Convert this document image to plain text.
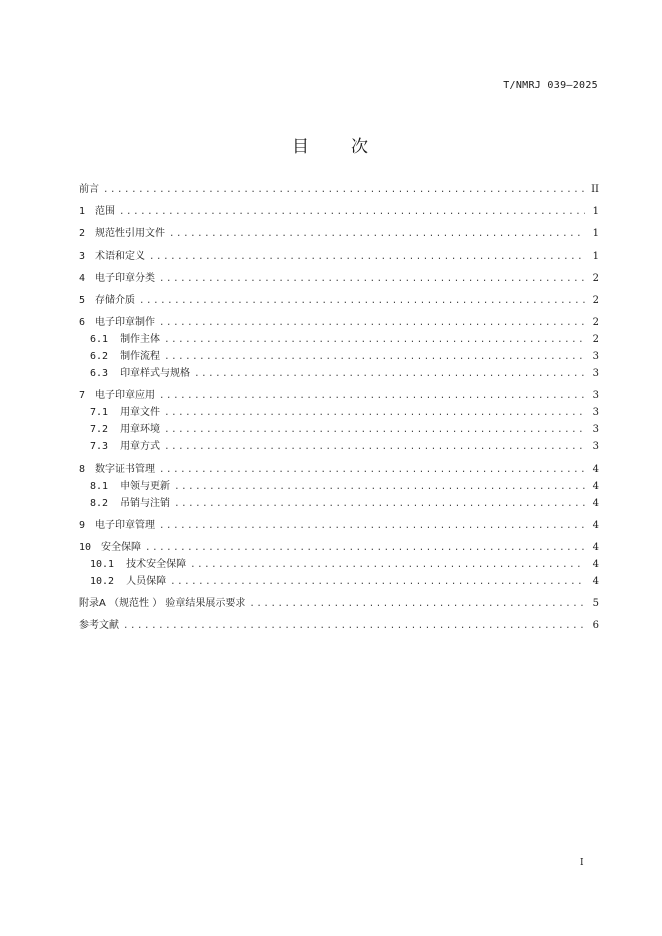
T/NMRJ 039—2025
目 次
前言 .....	II
1 范围 .....	1
2 规范性引用文件 .....	1
3 术语和定义 .....	1
4 电子印章分类 .....	2
5 存储介质 .....	2
6 电子印章制作 .....	2
6.1 制作主体 .....	2
6.2 制作流程 .....	3
6.3 印章样式与规格 .....	3
7 电子印章应用 .....	3
7.1 用章文件 .....	3
7.2 用章环境 .....	3
7.3 用章方式 .....	3
8 数字证书管理 .....	4
8.1 申领与更新 .....	4
8.2 吊销与注销 .....	4
9 电子印章管理 .....	4
10 安全保障 .....	4
10.1 技术安全保障 .....	4
10.2 人员保障 .....	4
附录A （规范性 ） 验章结果展示要求 .....	5
参考文献 .....	6
I
